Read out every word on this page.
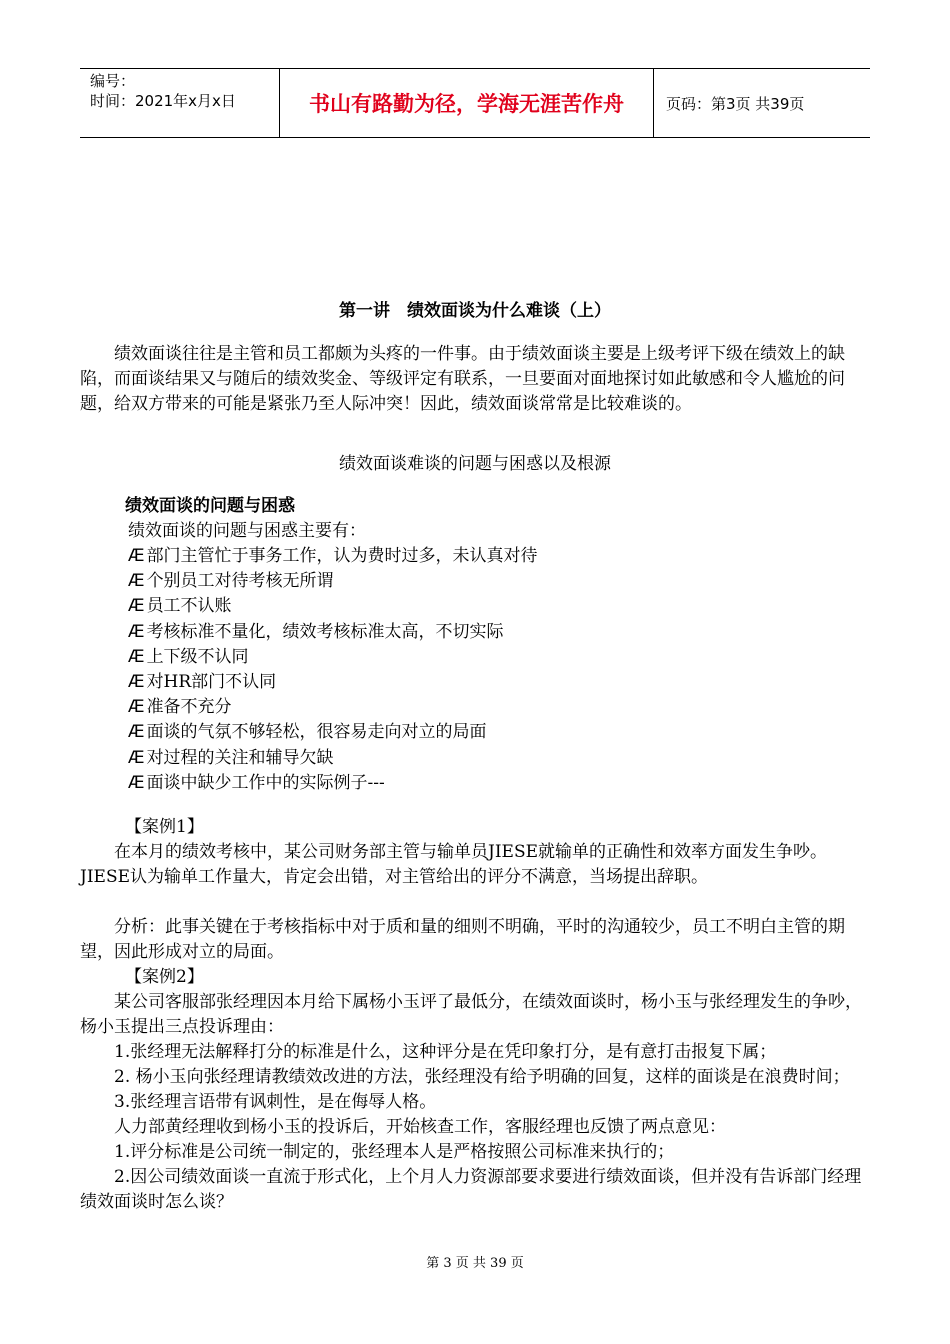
编号：
时间：2021年x月x日	书山有路勤为径，学海无涯苦作舟	页码：第3页 共39页
第一讲　绩效面谈为什么难谈（上）
绩效面谈往往是主管和员工都颇为头疼的一件事。由于绩效面谈主要是上级考评下级在绩效上的缺陷，而面谈结果又与随后的绩效奖金、等级评定有联系，一旦要面对面地探讨如此敏感和令人尴尬的问题，给双方带来的可能是紧张乃至人际冲突！因此，绩效面谈常常是比较难谈的。
绩效面谈难谈的问题与困惑以及根源
绩效面谈的问题与困惑
绩效面谈的问题与困惑主要有：
Æ 部门主管忙于事务工作，认为费时过多，未认真对待
Æ 个别员工对待考核无所谓
Æ 员工不认账
Æ 考核标准不量化，绩效考核标准太高，不切实际
Æ 上下级不认同
Æ 对HR部门不认同
Æ 准备不充分
Æ 面谈的气氛不够轻松，很容易走向对立的局面
Æ 对过程的关注和辅导欠缺
Æ 面谈中缺少工作中的实际例子---
【案例1】
在本月的绩效考核中，某公司财务部主管与输单员JIESE就输单的正确性和效率方面发生争吵。JIESE认为输单工作量大，肯定会出错，对主管给出的评分不满意，当场提出辞职。
分析：此事关键在于考核指标中对于质和量的细则不明确，平时的沟通较少，员工不明白主管的期望，因此形成对立的局面。
【案例2】
某公司客服部张经理因本月给下属杨小玉评了最低分，在绩效面谈时，杨小玉与张经理发生的争吵，杨小玉提出三点投诉理由：
1.张经理无法解释打分的标准是什么，这种评分是在凭印象打分，是有意打击报复下属；
2. 杨小玉向张经理请教绩效改进的方法，张经理没有给予明确的回复，这样的面谈是在浪费时间；
3.张经理言语带有讽刺性，是在侮辱人格。
人力部黄经理收到杨小玉的投诉后，开始核查工作，客服经理也反馈了两点意见：
1.评分标准是公司统一制定的，张经理本人是严格按照公司标准来执行的；
2.因公司绩效面谈一直流于形式化，上个月人力资源部要求要进行绩效面谈，但并没有告诉部门经理绩效面谈时怎么谈？
第 3 页 共 39 页
